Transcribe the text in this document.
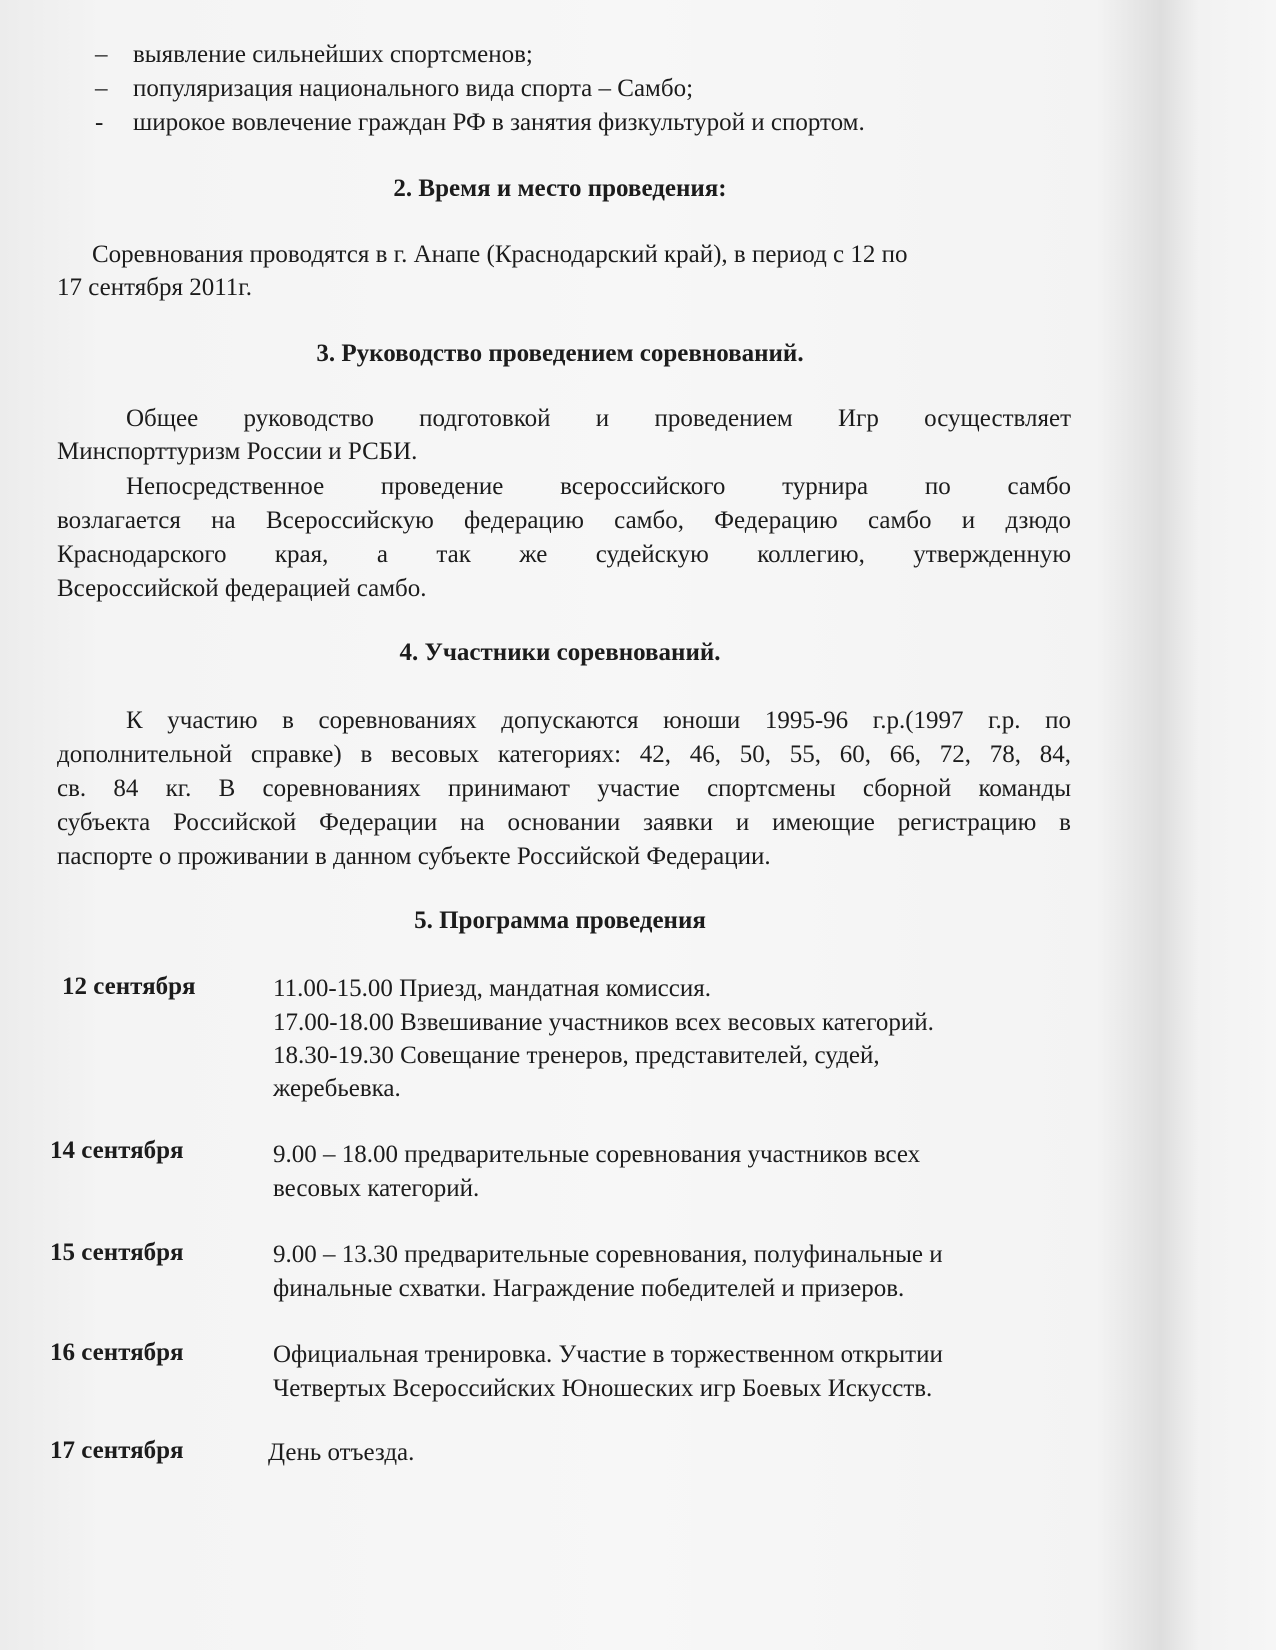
–	выявление сильнейших спортсменов;
–	популяризация национального вида спорта – Самбо;
-	широкое вовлечение граждан РФ в занятия физкультурой и спортом.
2. Время и место проведения:
Соревнования проводятся в г. Анапе (Краснодарский край), в период с 12 по
17 сентября 2011г.
3. Руководство проведением соревнований.
Общее руководство подготовкой и проведением Игр осуществляет
Минспорттуризм России и РСБИ.
Непосредственное проведение всероссийского турнира по самбо
возлагается на Всероссийскую федерацию самбо, Федерацию самбо и дзюдо
Краснодарского края, а так же судейскую коллегию, утвержденную
Всероссийской федерацией самбо.
4. Участники соревнований.
К участию в соревнованиях допускаются юноши 1995-96 г.р.(1997 г.р. по
дополнительной справке) в весовых категориях: 42, 46, 50, 55, 60, 66, 72, 78, 84,
св. 84 кг. В соревнованиях принимают участие спортсмены сборной команды
субъекта Российской Федерации на основании заявки и имеющие регистрацию в
паспорте о проживании в данном субъекте Российской Федерации.
5. Программа проведения
12 сентября	11.00-15.00 Приезд, мандатная комиссия.
17.00-18.00 Взвешивание участников всех весовых категорий.
18.30-19.30 Совещание тренеров, представителей, судей,
жеребьевка.
14 сентября	9.00 – 18.00 предварительные соревнования участников всех
весовых категорий.
15 сентября	9.00 – 13.30 предварительные соревнования, полуфинальные и
финальные схватки. Награждение победителей и призеров.
16 сентября	Официальная тренировка. Участие в торжественном открытии
Четвертых Всероссийских Юношеских игр Боевых Искусств.
17 сентября	День отъезда.
